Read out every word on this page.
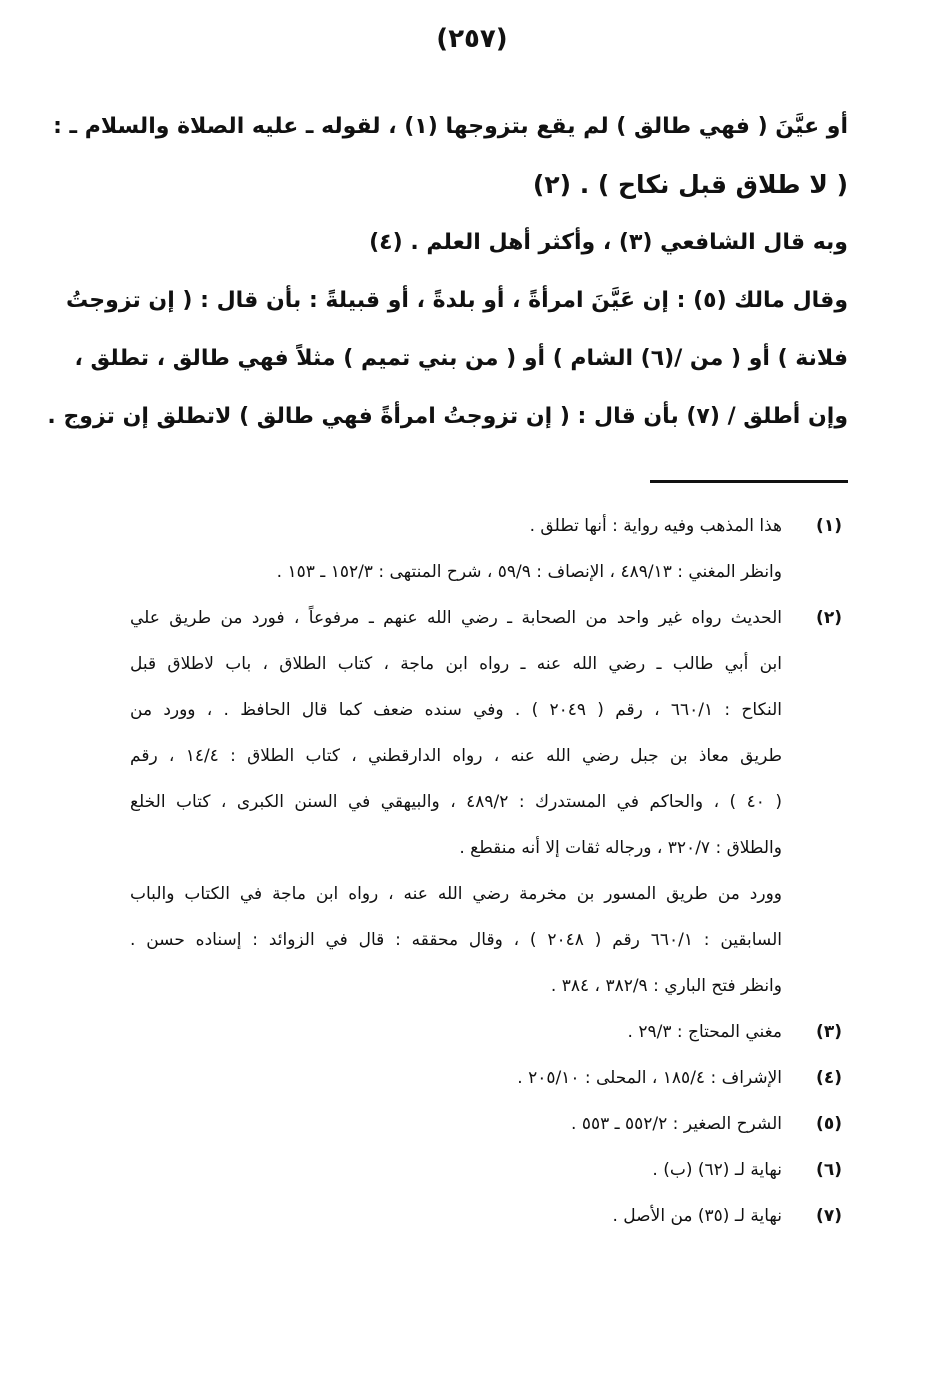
(٢٥٧)
أو عيَّنَ ( فهي طالق ) لم يقع بتزوجها (١) ، لقوله ـ عليه الصلاة والسلام ـ :
( لا طلاق قبل نكاح ) . (٢)
وبه قال الشافعي (٣) ، وأكثر أهل العلم . (٤)
وقال مالك (٥) : إن عَيَّنَ امرأةً ، أو بلدةً ، أو قبيلةً : بأن قال : ( إن تزوجتُ
فلانة ) أو ( من /(٦) الشام ) أو ( من بني تميم ) مثلاً فهي طالق ، تطلق ،
وإن أطلق / (٧) بأن قال : ( إن تزوجتُ امرأةً فهي طالق ) لاتطلق إن تزوج .
(١)
هذا المذهب وفيه رواية : أنها تطلق .
وانظر المغني : ٤٨٩/١٣ ، الإنصاف : ٥٩/٩ ، شرح المنتهى : ١٥٢/٣ ـ ١٥٣ .
(٢)
الحديث رواه غير واحد من الصحابة ـ رضي الله عنهم ـ مرفوعاً ، فورد من طريق علي
ابن أبي طالب ـ رضي الله عنه ـ رواه ابن ماجة ، كتاب الطلاق ، باب لاطلاق قبل
النكاح : ٦٦٠/١ ، رقم ( ٢٠٤٩ ) . وفي سنده ضعف كما قال الحافظ . ، وورد من
طريق معاذ بن جبل رضي الله عنه ، رواه الدارقطني ، كتاب الطلاق : ١٤/٤ ، رقم
( ٤٠ ) ، والحاكم في المستدرك : ٤٨٩/٢ ، والبيهقي في السنن الكبرى ، كتاب الخلع
والطلاق : ٣٢٠/٧ ، ورجاله ثقات إلا أنه منقطع .
وورد من طريق المسور بن مخرمة رضي الله عنه ، رواه ابن ماجة في الكتاب والباب
السابقين : ٦٦٠/١ رقم ( ٢٠٤٨ ) ، وقال محققه : قال في الزوائد : إسناده حسن .
وانظر فتح الباري : ٣٨٢/٩ ، ٣٨٤ .
(٣)
مغني المحتاج : ٢٩/٣ .
(٤)
الإشراف : ١٨٥/٤ ، المحلى : ٢٠٥/١٠ .
(٥)
الشرح الصغير : ٥٥٢/٢ ـ ٥٥٣ .
(٦)
نهاية لـ (٦٢) (ب) .
(٧)
نهاية لـ (٣٥) من الأصل .
